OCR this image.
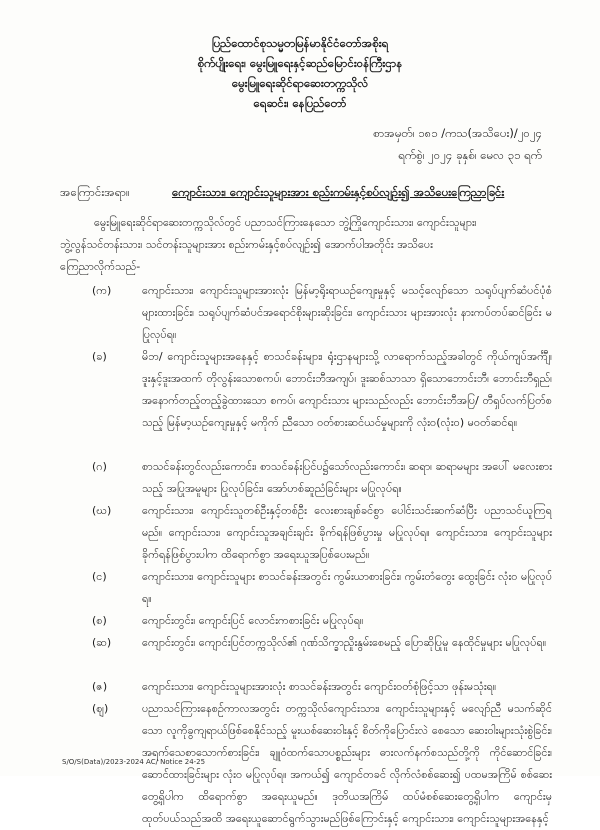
ပြည်ထောင်စုသမ္မတမြန်မာနိုင်ငံတော်အစိုးရ
စိုက်ပျိုးရေး၊ မွေးမြူရေးနှင့်ဆည်မြောင်းဝန်ကြီးဌာန
မွေးမြူရေးဆိုင်ရာဆေးတက္ကသိုလ်
ရေဆင်း၊ နေပြည်တော်
စာအမှတ်၊ ၁၈၁ /ကသ(အသိပေး)/၂၀၂၄
ရက်စွဲ၊ ၂၀၂၄ ခုနှစ်၊ မေလ ၃၁ ရက်
အကြောင်းအရာ။	ကျောင်းသား၊ ကျောင်းသူများအား စည်းကမ်းနှင့်စပ်လျဉ်း၍ အသိပေးကြေညာခြင်း
မွေးမြူရေးဆိုင်ရာဆေးတက္ကသိုလ်တွင် ပညာသင်ကြားနေသော ဘွဲ့ကြိုကျောင်းသား၊ ကျောင်းသူများ၊
ဘွဲ့လွန်သင်တန်းသား၊ သင်တန်းသူများအား စည်းကမ်းနှင့်စပ်လျဉ်း၍ အောက်ပါအတိုင်း အသိပေး
ကြေညာလိုက်သည်-
(က)	ကျောင်းသား၊ ကျောင်းသူများအားလုံး မြန်မာ့ရိုးရာယဉ်ကျေးမှုနှင့် မသင့်လျော်သော သရုပ်ပျက်ဆံပင်ပုံစံများထားခြင်း၊ သရုပ်ပျက်ဆံပင်အရောင်စိုးများဆိုးခြင်း၊ ကျောင်းသား များအားလုံး နားကပ်တပ်ဆင်ခြင်း မပြုလုပ်ရ။
(ခ)	မိဘ/ ကျောင်းသူများအနေနှင့် စာသင်ခန်းများ၊ ရုံးဌာနများသို့ လာရောက်သည့်အခါတွင် ကိုယ်ကျပ်အင်္ကျီ၊ ဒူးနှင့်ဒူးအထက် တိုလွန်းသောစကပ်၊ ဘောင်းဘီအကျပ်၊ ဒူးဆစ်သာသာ ရှိသောဘောင်းဘီ၊ ဘောင်းဘီရှည်၊ အနောက်တည့်တည့်ခွဲထားသော စကပ်၊ ကျောင်းသား များသည်လည်း ဘောင်းဘီအပြ/ တီရှပ်လက်ပြတ်စသည့် မြန်မာ့ယဉ်ကျေးမှုနှင့် မကိုက် ညီသော ဝတ်စားဆင်ယင်မှုများကို လုံး၀(လုံး၀) မဝတ်ဆင်ရ။
(ဂ)	စာသင်ခန်းတွင်လည်းကောင်း၊ စာသင်ခန်းပြင်ပ၌သော်လည်းကောင်း၊ ဆရာ၊ ဆရာမများ အပေါ် မလေးစားသည့် အပြုအမူများ ပြုလုပ်ခြင်း၊ အော်ဟစ်ဆူညံခြင်းများ မပြုလုပ်ရ။
(ဃ)	ကျောင်းသား၊ ကျောင်းသူတစ်ဦးနှင့်တစ်ဦး လေးစားချစ်ခင်စွာ ပေါင်းသင်းဆက်ဆံပြီး ပညာသင်ယူကြရမည်။ ကျောင်းသား၊ ကျောင်းသူအချင်းချင်း ခိုက်ရန်ဖြစ်ပွားမှု မပြုလုပ်ရ။ ကျောင်းသား၊ ကျောင်းသူများ ခိုက်ရန်ဖြစ်ပွားပါက ထိရောက်စွာ အရေးယူအပြစ်ပေးမည်။
(င)	ကျောင်းသား၊ ကျောင်းသူများ စာသင်ခန်းအတွင်း ကွမ်းယာစားခြင်း၊ ကွမ်းတံတွေး ထွေးခြင်း လုံး၀ မပြုလုပ်ရ။
(စ)	ကျောင်းတွင်း၊ ကျောင်းပြင် လောင်းကစားခြင်း မပြုလုပ်ရ။
(ဆ)	ကျောင်းတွင်း၊ ကျောင်းပြင်တက္ကသိုလ်၏ ဂုဏ်သိက္ခာညှိုးနွမ်းစေမည့် ပြောဆိုပြုမူ နေထိုင်မှုများ မပြုလုပ်ရ။
(ဇ)	ကျောင်းသား၊ ကျောင်းသူများအားလုံး စာသင်ခန်းအတွင်း ကျောင်းဝတ်စုံဖြင့်သာ ဖုန်းမသုံးရ။
(ဈ)	ပညာသင်ကြားနေစဉ်ကာလအတွင်း တက္ကသိုလ်ကျောင်းသား၊ ကျောင်းသူများနှင့် မလျော်ညီ မသက်ဆိုင်သော လူကိုခွကျရာယ်ဖြစ်စေနိုင်သည့် မူးယစ်ဆေးဝါးနှင့် စိတ်ကိုပြောင်းလဲ စေသော ဆေးဝါးများသုံးစွဲခြင်း၊ အရက်သေစာသောက်စားခြင်း၊ ချူဝံထက်သောပစ္စည်းများ ဓားလက်နက်စသည်တို့ကို ကိုင်ဆောင်ခြင်း၊ ဆောင်ထားခြင်းများ လုံး၀ မပြုလုပ်ရ။ အကယ်၍ ကျောင်တခင် လိုက်လံစစ်ဆေး၍ ပထမအကြိမ် စစ်ဆေးတွေ့ရှိပါက ထိရောက်စွာ အရေးယူမည်။ ဒုတိယအကြိမ် ထပ်မံစစ်ဆေးတွေ့ရှိပါက ကျောင်းမှထုတ်ပယ်သည်အထိ အရေးယူဆောင်ရွက်သွားမည်ဖြစ်ကြောင်းနှင့် ကျောင်းသား၊ ကျောင်းသူများအနေနှင့်
S/O/S(Data)/2023-2024 AC/ Notice 24-25
